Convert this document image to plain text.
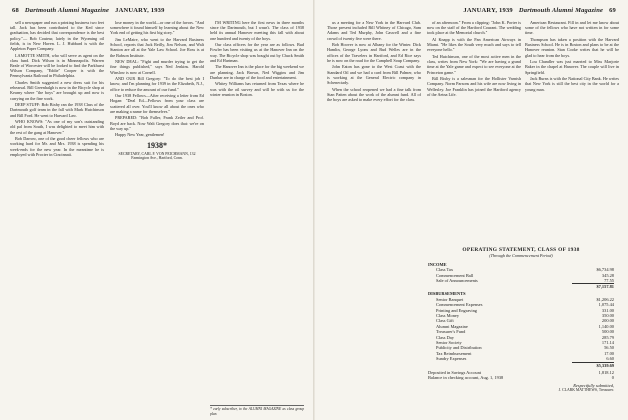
68 Dartmouth Alumni Magazine JANUARY, 1939

sell a newspaper and run a printing business two feet tall. Jack has been contributed to the Ked since graduation, has decided that correspondence is the best policy."— Bob Couteur, lately in the Wyoming oil fields, is in New Haven. L. J. Hubbard is with the Appleton Paper Company.

LAMOTTE SMITH, who will serve as agent on the class fund. Dick Wilson is in Minneapolis. Warren Beale of Worcester will be looked to find the Parkhurst Wilson Company, "Eddie" Cooper is with the Pennsylvania Railroad in Philadelphia.

Charles Smith suggested a new dress suit for his rehearsal. Bill Greenhalgh is now in the Bicycle shop at Kearny where "the boys" are brought up and now is carrying on the fine work.

DEEP STUFF: Bob Bixby ran the 1938 Class of the Dartmouth golf team in the fall with Mark Hutchinson and Bill Ford. He went to Harvard Law.

WHO KNOWS: "As one of my son's outstanding old pal from South, I was delighted to meet him with the rest of the gang at Hanover."

Bob Darrow, one of the good cheer fellows who are working hard for Mr. and Mrs. 1938 is spending his week-ends for the new year. In the meantime he is employed with Procter in Cincinnati.

lose money in the world—or one of the favors. "And somewhere it found himself by learning about the New York end of getting his first big story."

Jim LeMaire, who went to the Harvard Business School, reports that Jack Reilly, Jim Nelson, and Walt Stanton are all at the Yale Law School. Joe Ross is at the Babson Institute.

NEW DEAL: "Fight and murder trying to get the fine things published," says Ned Jenkins. Harold Winslow is now at Cornell.

AND OUR Bill Gregory: "To do the best job I know; and I'm planning for 1939 in the Elizabeth, N.J., office to reduce the amount of our fund."

Our 1938 Fellows—After receiving a letter from Ed Hogan: "Deal Ed—Fellows from your class are scattered all over. You'll know all about the ones who are making a name for themselves."

PREPARED: "Bob Fuller, Frank Zeiler and Prof. Boyd are back. Now Walt Gregory does that: we're on the way up."

Happy New Year, gentlemen!

1938*
SECRETARY, CARL F. VON PEICHMANN, 132 Farmington Ave., Hartford, Conn.

I'M WRITING here the first news in three months since the Dartmouth, but I wasn't. The class of 1938 held its annual Hanover meeting this fall with about one hundred and twenty of the boys.

Our class officers for the year are as follows. Bud Fowler has been visiting us at the Hanover Inn on the way. The Bicycle shop was bought out by Chuck Smith and Ed Hartman.

The Hanover Inn is the place for the big weekend we are planning. Jack Brown, Ned Wiggins and Jim Dunbar are in charge of the food and entertainment.

Whitey Williams has returned from Texas where he was with the oil survey and will be with us for the winter reunion in Boston.

* early subscriber, to the ALUMNI MAGAZINE as class group plan.
JANUARY, 1939 Dartmouth Alumni Magazine 69

us a meeting for a New York in the Harvard Club. Those present included Bill Whitney of Chicago, Sam Adams and Ted Murphy, John Caswell and a fine crowd of twenty five were there.

Bob Hoover is now at Albany for the Winter. Dick Hamlin, George Lyons and Bud Welles are in the offices of the Travelers in Hartford, and Ed Rice says he is now on the road for the Campbell Soup Company.

John Eaton has gone to the West Coast with the Standard Oil and we had a card from Bill Palmer, who is working at the General Electric company in Schenectady.

When the school reopened we had a fine talk from Stan Patten about the work of the alumni fund. All of the boys are asked to make every effort for the class.

of an afternoon." From a clipping: "John K. Porter is now on the staff of the Hartford Courant. The wedding took place at the Memorial church."

Al Knapp is with the Pan American Airways in Miami. "He likes the South very much and says to tell everyone hello."

Ted Hutchinson, one of the most active men in the class, writes from New York: "We are having a grand time at the Yale game and expect to see everyone at the Princeton game."

Bill Bixby is a salesman for the Hollister Varnish Company. Norm Parsons and his wife are now living in Wellesley. Joe Franklin has joined the Hartford agency of the Aetna Life.

American Restaurant. Fill in and let me know about some of the fellows who have not written in for some time.

Thompson has taken a position with the Harvard Business School. He is in Boston and plans to be at the Hanover reunion. Stan Cooke writes that he will be glad to hear from the boys.

Lou Chandler was just married to Miss Marjorie Baker in the chapel at Hanover. The couple will live in Springfield.

Jack Burns is with the National City Bank. He writes that New York is still the best city in the world for a young man.

OPERATING STATEMENT, CLASS OF 1938
(Through the Commencement Period)
INCOME
Class Tax	$6,734.98
Commencement Ball	345.28
Sale of Announcements	77.55
$7,157.81
DISBURSEMENTS
Senior Banquet	$1,206.22
Commencement Expenses	1,075.44
Printing and Engraving	331.00
Class Money	350.00
Class Gift	200.00
Alumni Magazine	1,140.00
Treasurer's Fund	500.00
Class Day	285.79
Senior Society	171.14
Publicity and Distribution	56.50
Tax Reimbursement	17.00
Sundry Expenses	6.60
$5,339.69
Deposited in Savings Account	1,818.12
Balance in checking account, Aug. 1, 1938	0
Respectfully submitted,
J. CLARK MATTHEWS, Treasurer.
